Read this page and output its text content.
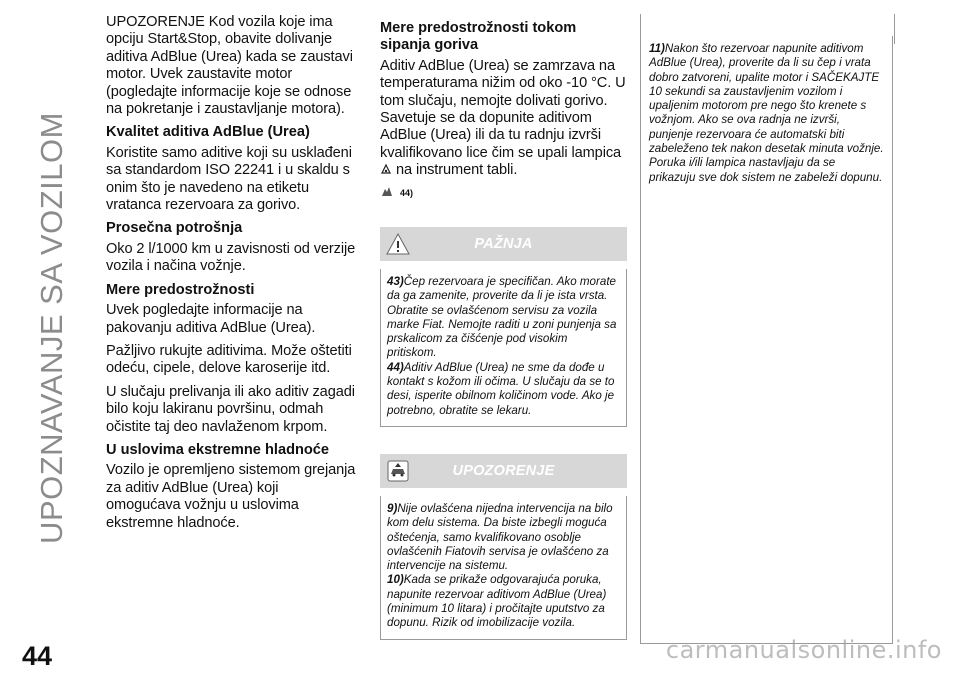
UPOZNAVANJE SA VOZILOM
44	carmanualsonline.info

UPOZORENJE Kod vozila koje ima opciju Start&Stop, obavite dolivanje aditiva AdBlue (Urea) kada se zaustavi motor. Uvek zaustavite motor (pogledajte informacije koje se odnose na pokretanje i zaustavljanje motora).

Kvalitet aditiva AdBlue (Urea)

Koristite samo aditive koji su usklađeni sa standardom ISO 22241 i u skaldu s onim što je navedeno na etiketu vratanca rezervoara za gorivo.

Prosečna potrošnja

Oko 2 l/1000 km u zavisnosti od verzije vozila i načina vožnje.

Mere predostrožnosti

Uvek pogledajte informacije na pakovanju aditiva AdBlue (Urea).

Pažljivo rukujte aditivima. Može oštetiti odeću, cipele, delove karoserije itd.

U slučaju prelivanja ili ako aditiv zagadi bilo koju lakiranu površinu, odmah očistite taj deo navlaženom krpom.

U uslovima ekstremne hladnoće

Vozilo je opremljeno sistemom grejanja za aditiv AdBlue (Urea) koji omogućava vožnju u uslovima ekstremne hladnoće.

Mere predostrožnosti tokom sipanja goriva

Aditiv AdBlue (Urea) se zamrzava na temperaturama nižim od oko -10 °C. U tom slučaju, nemojte dolivati gorivo. Savetuje se da dopunite aditivom AdBlue (Urea) ili da tu radnju izvrši kvalifikovano lice čim se upali lampica
na instrument tabli.

44)
PAŽNJA

43)Čep rezervoara je specifičan. Ako morate da ga zamenite, proverite da li je ista vrsta. Obratite se ovlašćenom servisu za vozila marke Fiat. Nemojte raditi u zoni punjenja sa prskalicom za čišćenje pod visokim pritiskom.

44)Aditiv AdBlue (Urea) ne sme da dođe u kontakt s kožom ili očima. U slučaju da se to desi, isperite obilnom količinom vode. Ako je potrebno, obratite se lekaru.

UPOZORENJE

9)Nije ovlašćena nijedna intervencija na bilo kom delu sistema. Da biste izbegli moguća oštećenja, samo kvalifikovano osoblje ovlašćenih Fiatovih servisa je ovlašćeno za intervencije na sistemu.

10)Kada se prikaže odgovarajuća poruka, napunite rezervoar aditivom AdBlue (Urea) (minimum 10 litara) i pročitajte uputstvo za dopunu. Rizik od imobilizacije vozila.

11)Nakon što rezervoar napunite aditivom AdBlue (Urea), proverite da li su čep i vrata dobro zatvoreni, upalite motor i SAČEKAJTE 10 sekundi sa zaustavljenim vozilom i upaljenim motorom pre nego što krenete s vožnjom. Ako se ova radnja ne izvrši, punjenje rezervoara će automatski biti zabeleženo tek nakon desetak minuta vožnje. Poruka i/ili lampica nastavljaju da se prikazuju sve dok sistem ne zabeleži dopunu.
